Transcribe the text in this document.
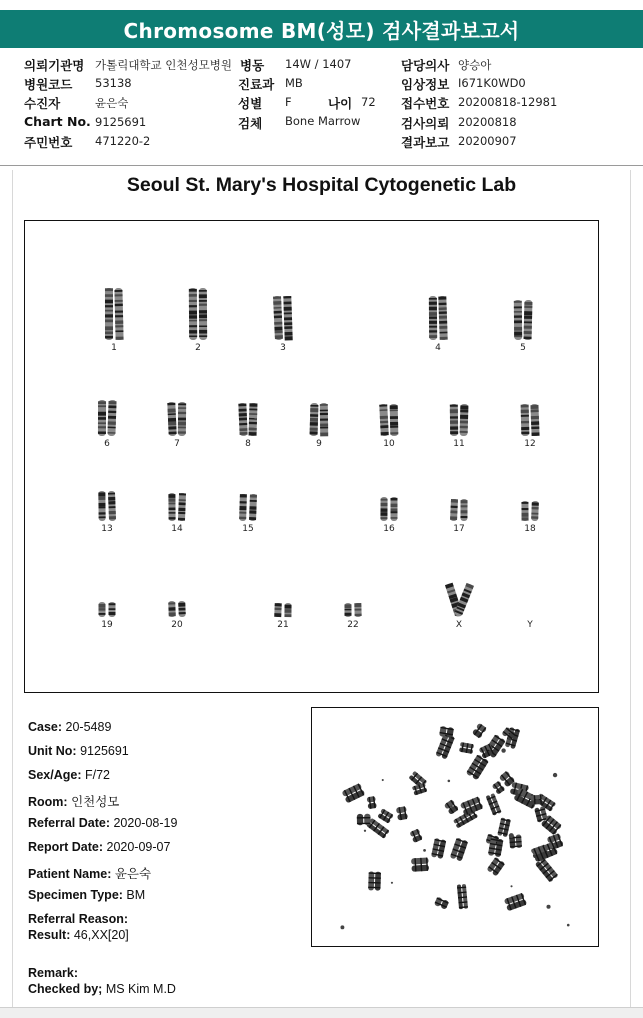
Chromosome BM(성모) 검사결과보고서
의뢰기관명 가톨릭대학교 인천성모병원
병원코드 53138
수진자	윤은숙
Chart No. 9125691
주민번호 471220-2
병동 14W / 1407
진료과 MB
성별 F	나이 72
검체 Bone Marrow
담당의사 양승아
임상정보 I671K0WD0
접수번호 20200818-12981
검사의뢰 20200818
결과보고 20200907
Seoul St. Mary's Hospital Cytogenetic Lab
1	2	3	4	5
6	7	8	9	10	11	12
13	14	15	16	17	18
19	20	21	22	X	Y
Case: 20-5489
Unit No: 9125691
Sex/Age: F/72
Room: 인천성모
Referral Date: 2020-08-19
Report Date: 2020-09-07
Patient Name: 윤은숙
Specimen Type: BM
Referral Reason:
Result: 46,XX[20]
Remark:
Checked by; MS Kim M.D
